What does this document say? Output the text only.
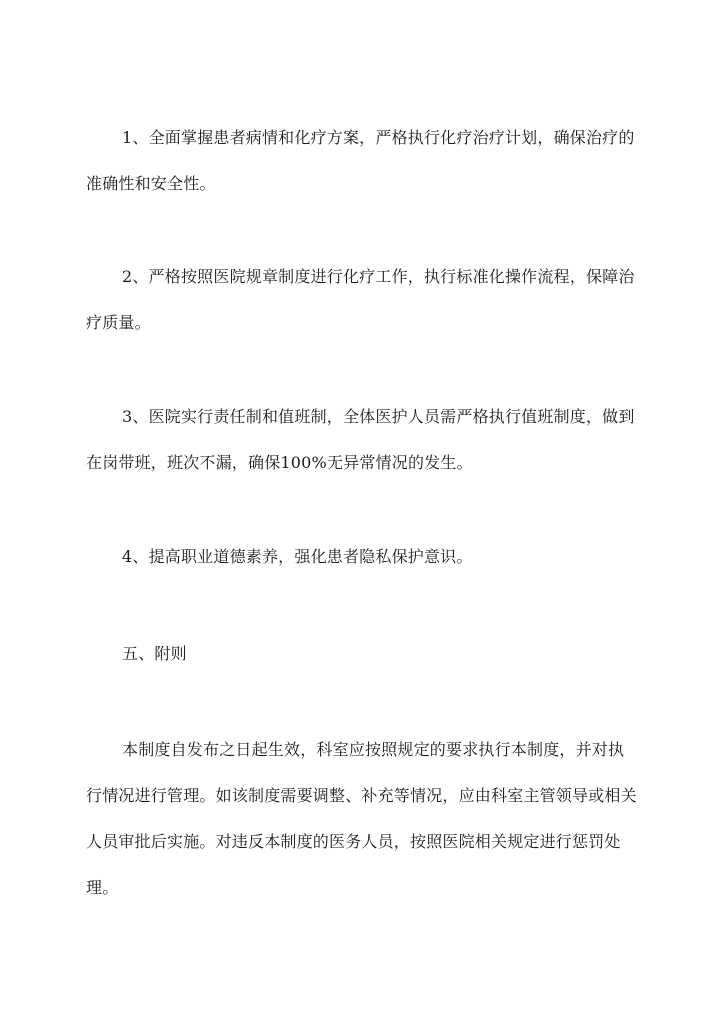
1、全面掌握患者病情和化疗方案，严格执行化疗治疗计划，确保治疗的准确性和安全性。

2、严格按照医院规章制度进行化疗工作，执行标准化操作流程，保障治疗质量。

3、医院实行责任制和值班制，全体医护人员需严格执行值班制度，做到在岗带班，班次不漏，确保100%无异常情况的发生。

4、提高职业道德素养，强化患者隐私保护意识。

五、附则

本制度自发布之日起生效，科室应按照规定的要求执行本制度，并对执行情况进行管理。如该制度需要调整、补充等情况，应由科室主管领导或相关人员审批后实施。对违反本制度的医务人员，按照医院相关规定进行惩罚处理。
